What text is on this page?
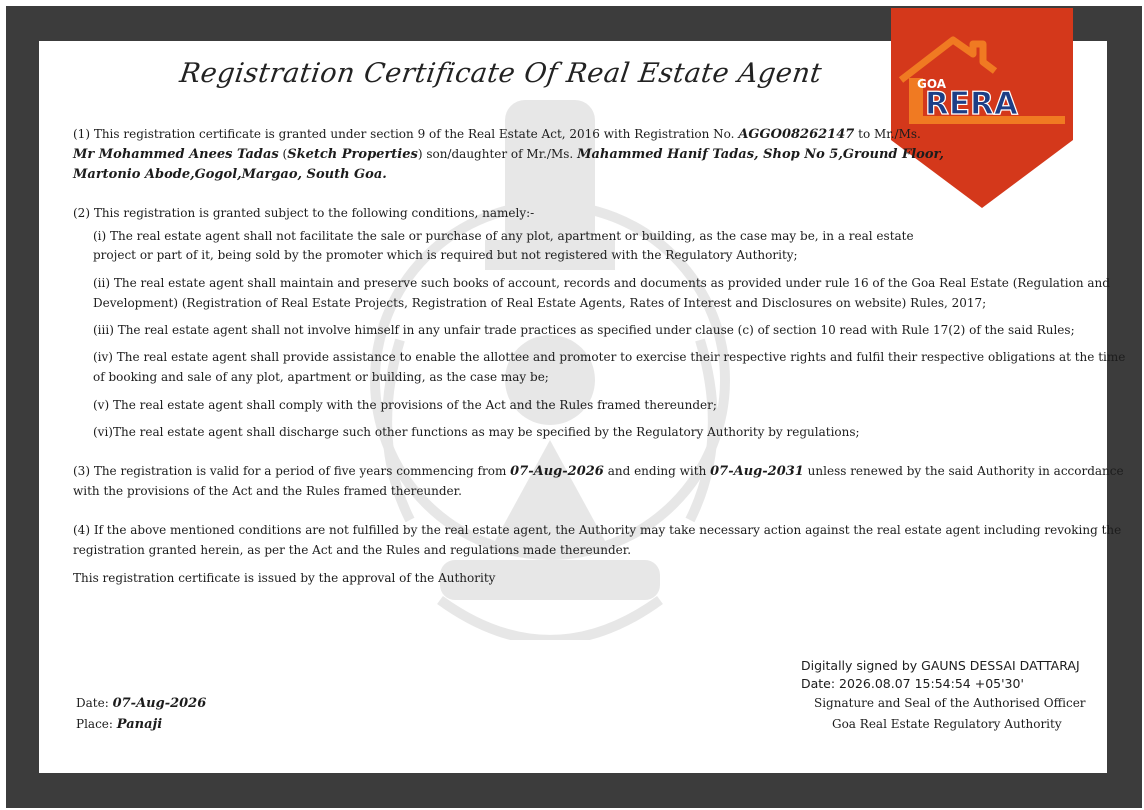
Registration Certificate Of Real Estate Agent	GOA
RERA
(1) This registration certificate is granted under section 9 of the Real Estate Act, 2016 with Registration No. AGGO08262147 to Mr./Ms.
Mr Mohammed Anees Tadas (Sketch Properties) son/daughter of Mr./Ms. Mahammed Hanif Tadas, Shop No 5,Ground Floor,
Martonio Abode,Gogol,Margao, South Goa.
(2) This registration is granted subject to the following conditions, namely:-
(i) The real estate agent shall not facilitate the sale or purchase of any plot, apartment or building, as the case may be, in a real estate
project or part of it, being sold by the promoter which is required but not registered with the Regulatory Authority;
(ii) The real estate agent shall maintain and preserve such books of account, records and documents as provided under rule 16 of the Goa Real Estate (Regulation and
Development) (Registration of Real Estate Projects, Registration of Real Estate Agents, Rates of Interest and Disclosures on website) Rules, 2017;
(iii) The real estate agent shall not involve himself in any unfair trade practices as specified under clause (c) of section 10 read with Rule 17(2) of the said Rules;
(iv) The real estate agent shall provide assistance to enable the allottee and promoter to exercise their respective rights and fulfil their respective obligations at the time
of booking and sale of any plot, apartment or building, as the case may be;
(v) The real estate agent shall comply with the provisions of the Act and the Rules framed thereunder;
(vi)The real estate agent shall discharge such other functions as may be specified by the Regulatory Authority by regulations;
(3) The registration is valid for a period of five years commencing from 07-Aug-2026 and ending with 07-Aug-2031 unless renewed by the said Authority in accordance
with the provisions of the Act and the Rules framed thereunder.
(4) If the above mentioned conditions are not fulfilled by the real estate agent, the Authority may take necessary action against the real estate agent including revoking the
registration granted herein, as per the Act and the Rules and regulations made thereunder.
This registration certificate is issued by the approval of the Authority
Digitally signed by GAUNS DESSAI DATTARAJ
Date: 2026.08.07 15:54:54 +05'30'
Signature and Seal of the Authorised Officer
Goa Real Estate Regulatory Authority
Date: 07-Aug-2026
Place: Panaji
